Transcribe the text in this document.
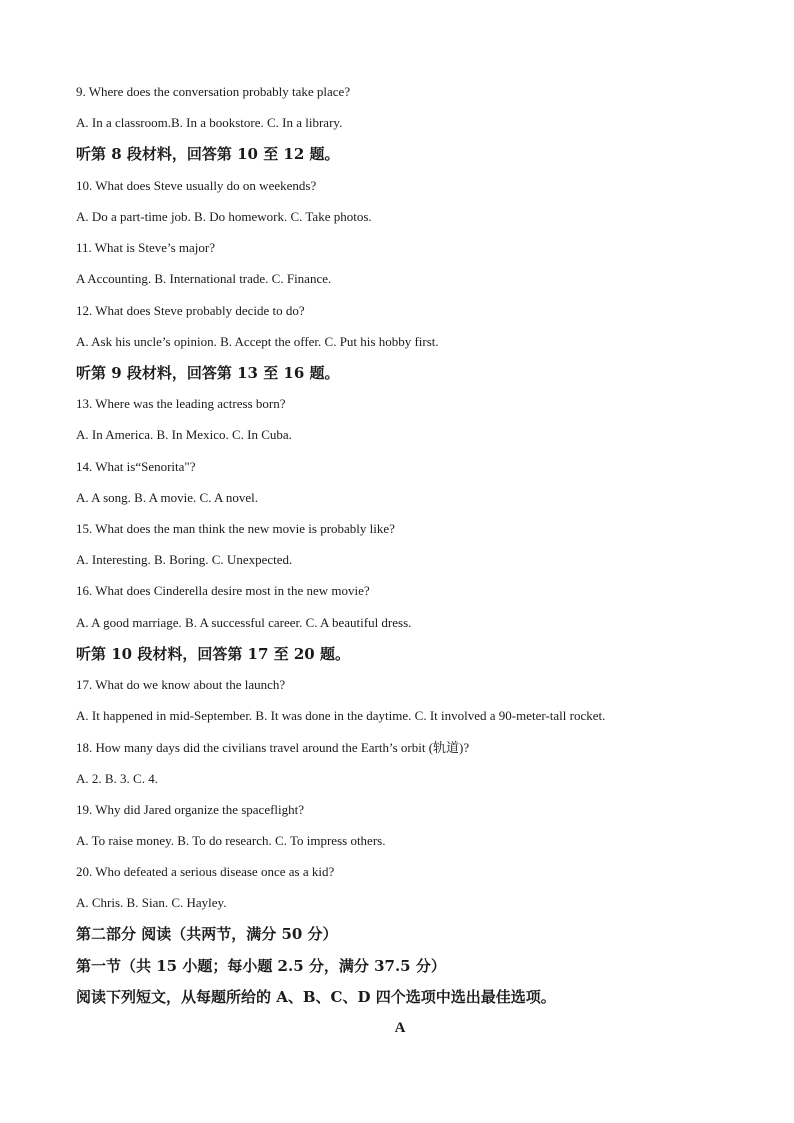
9. Where does the conversation probably take place?
A. In a classroom.B. In a bookstore. C. In a library.
听第 8 段材料，回答第 10 至 12 题。
10. What does Steve usually do on weekends?
A. Do a part-time job. B. Do homework. C. Take photos.
11. What is Steve’s major?
A Accounting. B. International trade. C. Finance.
12. What does Steve probably decide to do?
A. Ask his uncle’s opinion. B. Accept the offer. C. Put his hobby first.
听第 9 段材料，回答第 13 至 16 题。
13. Where was the leading actress born?
A. In America. B. In Mexico. C. In Cuba.
14. What is“Senorita"?
A. A song. B. A movie. C. A novel.
15. What does the man think the new movie is probably like?
A. Interesting. B. Boring. C. Unexpected.
16. What does Cinderella desire most in the new movie?
A. A good marriage. B. A successful career. C. A beautiful dress.
听第 10 段材料，回答第 17 至 20 题。
17. What do we know about the launch?
A. It happened in mid-September. B. It was done in the daytime. C. It involved a 90-meter-tall rocket.
18. How many days did the civilians travel around the Earth’s orbit (轨道)?
A. 2. B. 3. C. 4.
19. Why did Jared organize the spaceflight?
A. To raise money. B. To do research. C. To impress others.
20. Who defeated a serious disease once as a kid?
A. Chris. B. Sian. C. Hayley.
第二部分 阅读（共两节，满分 50 分）
第一节（共 15 小题；每小题 2.5 分，满分 37.5 分）
阅读下列短文，从每题所给的 A、B、C、D 四个选项中选出最佳选项。
A
